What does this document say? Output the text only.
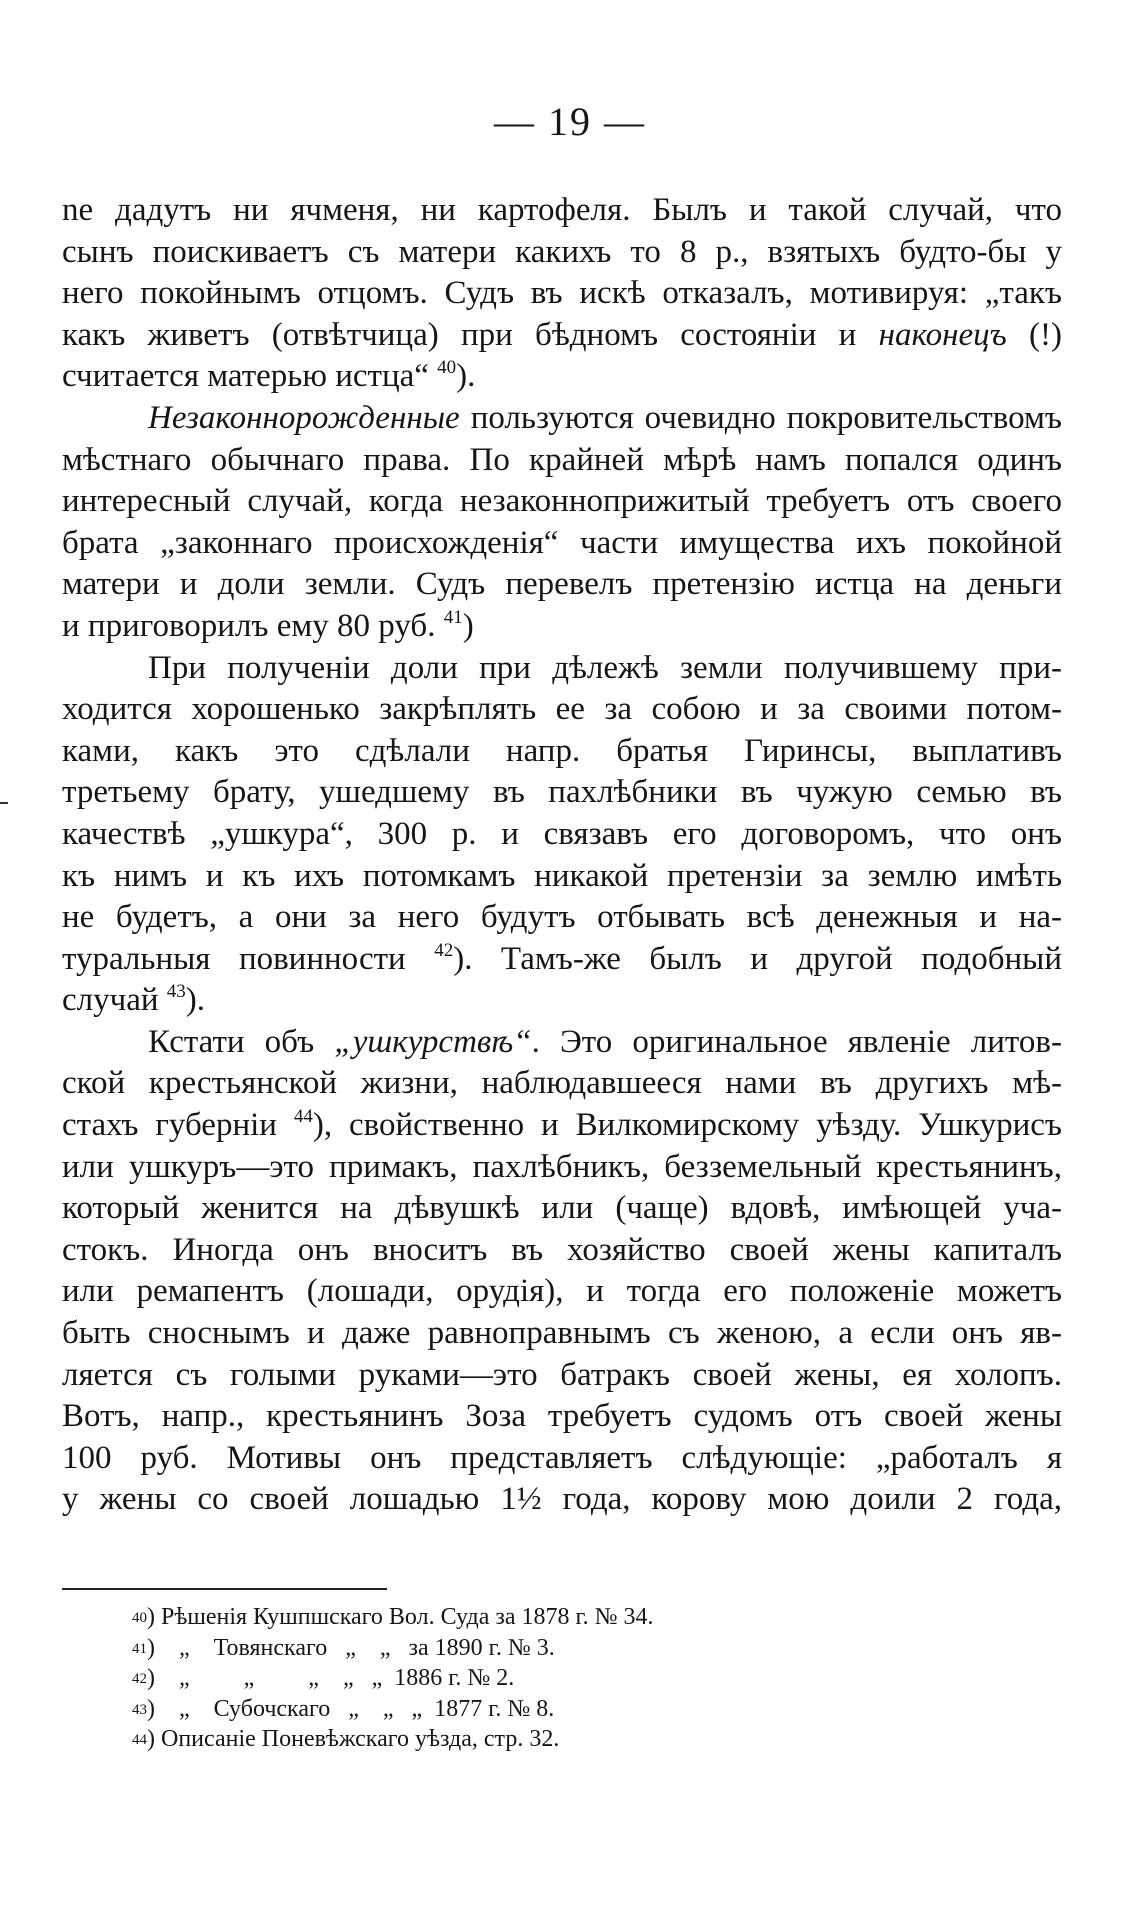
— 19 —
ne дадутъ ни ячменя, ни картофеля. Былъ и такой случай, что
сынъ поискиваетъ съ матери какихъ то 8 р., взятыхъ будто-бы у
него покойнымъ отцомъ. Судъ въ искѣ отказалъ, мотивируя: „такъ
какъ живетъ (отвѣтчица) при бѣдномъ состояніи и наконецъ (!)
считается матерью истца“ $^{40}$).
Незаконнорожденные пользуются очевидно покровительствомъ
мѣстнаго обычнаго права. По крайней мѣрѣ намъ попался одинъ
интересный случай, когда незаконноприжитый требуетъ отъ своего
брата „законнаго происхожденія“ части имущества ихъ покойной
матери и доли земли. Судъ перевелъ претензію истца на деньги
и приговорилъ ему 80 руб. $^{41}$)
При полученіи доли при дѣлежѣ земли получившему при-
ходится хорошенько закрѣплять ее за собою и за своими потом-
ками, какъ это сдѣлали напр. братья Гиринсы, выплативъ
третьему брату, ушедшему въ пахлѣбники въ чужую семью въ
качествѣ „ушкура“, 300 р. и связавъ его договоромъ, что онъ
къ нимъ и къ ихъ потомкамъ никакой претензіи за землю имѣть
не будетъ, а они за него будутъ отбывать всѣ денежныя и на-
туральныя повинности $^{42}$). Тамъ-же былъ и другой подобный
случай $^{43}$).
Кстати объ „ушкурствѣ“. Это оригинальное явленіе литов-
ской крестьянской жизни, наблюдавшееся нами въ другихъ мѣ-
стахъ губерніи $^{44}$), свойственно и Вилкомирскому уѣзду. Ушкурисъ
или ушкуръ—это примакъ, пахлѣбникъ, безземельный крестьянинъ,
который женится на дѣвушкѣ или (чаще) вдовѣ, имѣющей уча-
стокъ. Иногда онъ вноситъ въ хозяйство своей жены капиталъ
или ремапентъ (лошади, орудія), и тогда его положеніе можетъ
быть сноснымъ и даже равноправнымъ съ женою, а если онъ яв-
ляется съ голыми руками—это батракъ своей жены, ея холопъ.
Вотъ, напр., крестьянинъ Зоза требуетъ судомъ отъ своей жены
100 руб. Мотивы онъ представляетъ слѣдующіе: „работалъ я
у жены со своей лошадью 1½ года, корову мою доили 2 года,
$^{40}$) Рѣшенія Кушпшскаго Вол. Суда за 1878 г. № 34.
$^{41}$)    „    Товянскаго   „    „   за 1890 г. № 3.
$^{42}$)    „         „         „    „   „  1886 г. № 2.
$^{43}$)    „    Субочскаго   „    „   „  1877 г. № 8.
$^{44}$) Описаніе Поневѣжскаго уѣзда, стр. 32.
